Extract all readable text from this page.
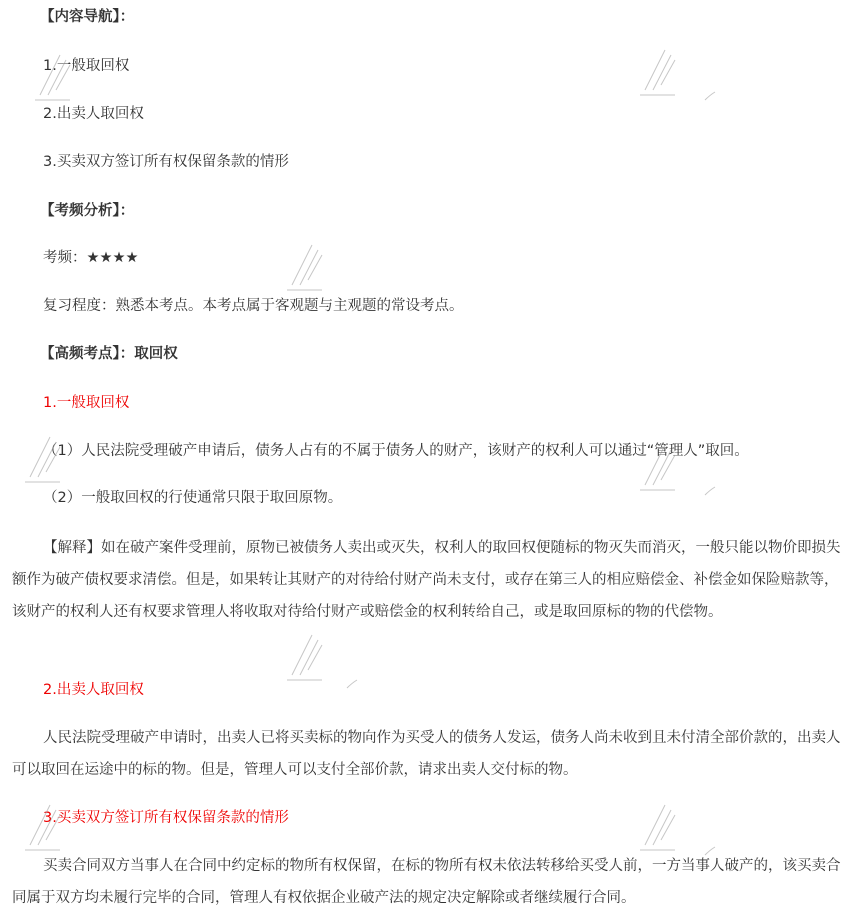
【内容导航】：
1.一般取回权
2.出卖人取回权
3.买卖双方签订所有权保留条款的情形
【考频分析】：
考频：★★★★
复习程度：熟悉本考点。本考点属于客观题与主观题的常设考点。
【高频考点】：取回权
1.一般取回权
（1）人民法院受理破产申请后，债务人占有的不属于债务人的财产，该财产的权利人可以通过“管理人”取回。
（2）一般取回权的行使通常只限于取回原物。
【解释】如在破产案件受理前，原物已被债务人卖出或灭失，权利人的取回权便随标的物灭失而消灭，一般只能以物价即损失额作为破产债权要求清偿。但是，如果转让其财产的对待给付财产尚未支付，或存在第三人的相应赔偿金、补偿金如保险赔款等，该财产的权利人还有权要求管理人将收取对待给付财产或赔偿金的权利转给自己，或是取回原标的物的代偿物。
2.出卖人取回权
人民法院受理破产申请时，出卖人已将买卖标的物向作为买受人的债务人发运，债务人尚未收到且未付清全部价款的，出卖人可以取回在运途中的标的物。但是，管理人可以支付全部价款，请求出卖人交付标的物。
3.买卖双方签订所有权保留条款的情形
买卖合同双方当事人在合同中约定标的物所有权保留，在标的物所有权未依法转移给买受人前，一方当事人破产的，该买卖合同属于双方均未履行完毕的合同，管理人有权依据企业破产法的规定决定解除或者继续履行合同。
